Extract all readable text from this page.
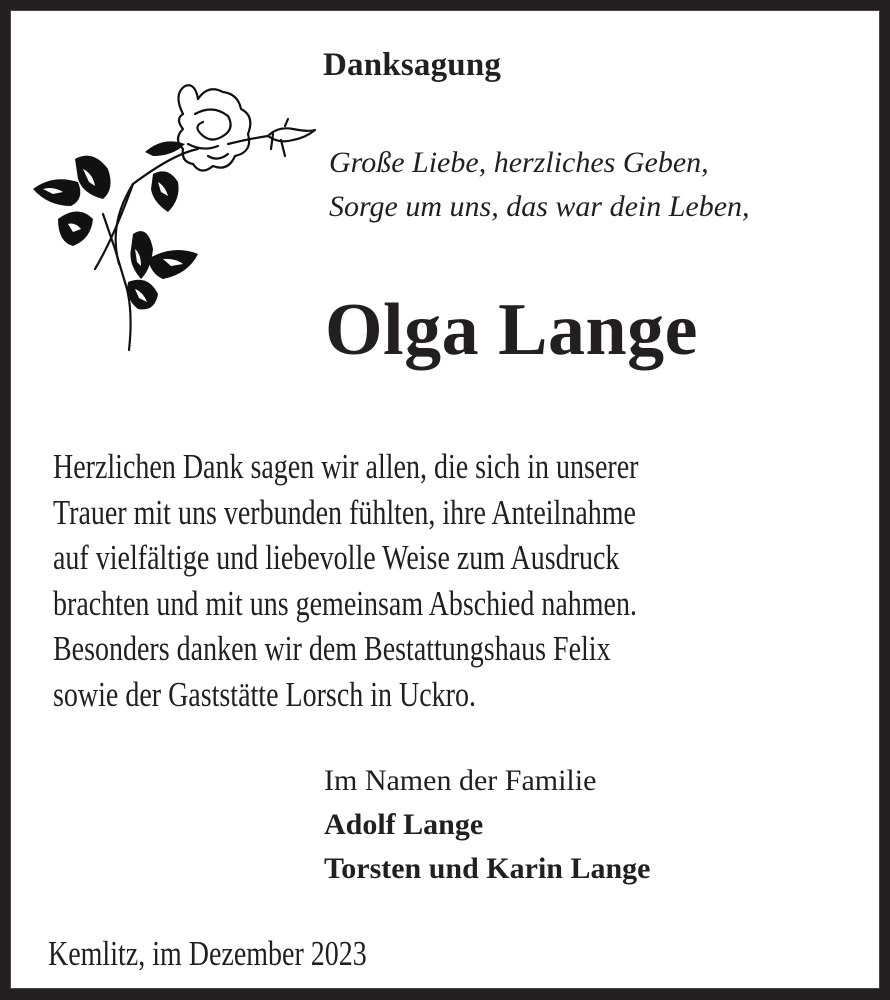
Danksagung
Große Liebe, herzliches Geben,
Sorge um uns, das war dein Leben,
Olga Lange
Herzlichen Dank sagen wir allen, die sich in unserer
Trauer mit uns verbunden fühlten, ihre Anteilnahme
auf vielfältige und liebevolle Weise zum Ausdruck
brachten und mit uns gemeinsam Abschied nahmen.
Besonders danken wir dem Bestattungshaus Felix
sowie der Gaststätte Lorsch in Uckro.
Im Namen der Familie
Adolf Lange
Torsten und Karin Lange
Kemlitz, im Dezember 2023
